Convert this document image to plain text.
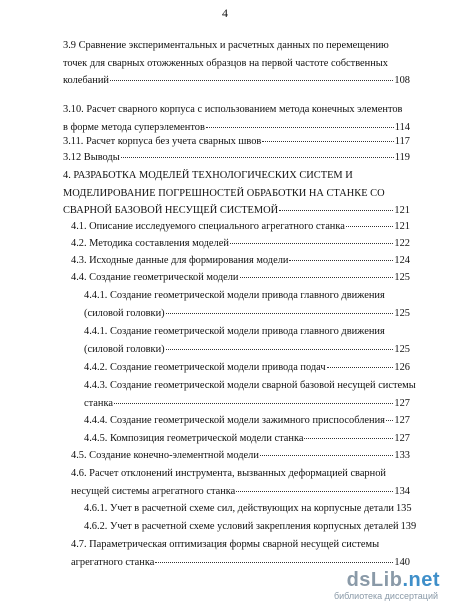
4
3.9 Сравнение экспериментальных и расчетных данных по перемещению
точек для сварных отожженных образцов на первой частоте собственных
колебаний	108
3.10. Расчет сварного корпуса с использованием метода конечных элементов
в форме метода суперэлементов	114
3.11. Расчет корпуса без учета сварных швов	117
3.12 Выводы	119
4. РАЗРАБОТКА МОДЕЛЕЙ ТЕХНОЛОГИЧЕСКИХ СИСТЕМ И
МОДЕЛИРОВАНИЕ ПОГРЕШНОСТЕЙ ОБРАБОТКИ НА СТАНКЕ СО
СВАРНОЙ БАЗОВОЙ НЕСУЩЕЙ СИСТЕМОЙ	121
4.1. Описание исследуемого специального агрегатного станка	121
4.2. Методика составления моделей	122
4.3. Исходные данные для формирования модели	124
4.4. Создание геометрической модели	125
4.4.1. Создание геометрической модели привода главного движения
(силовой головки)	125
4.4.1. Создание геометрической модели привода главного движения
(силовой головки)	125
4.4.2. Создание геометрической модели привода подач	126
4.4.3. Создание геометрической модели сварной базовой несущей системы
станка	127
4.4.4. Создание геометрической модели зажимного приспособления 127
4.4.5. Композиция геометрической модели станка	127
4.5. Создание конечно-элементной модели	133
4.6. Расчет отклонений инструмента, вызванных деформацией сварной
несущей системы агрегатного станка	134
4.6.1. Учет в расчетной схеме сил, действующих на корпусные детали 135
4.6.2. Учет в расчетной схеме условий закрепления корпусных деталей 139
4.7. Параметрическая оптимизация формы сварной несущей системы
агрегатного станка	140
dsLib.net
библиотека диссертаций
